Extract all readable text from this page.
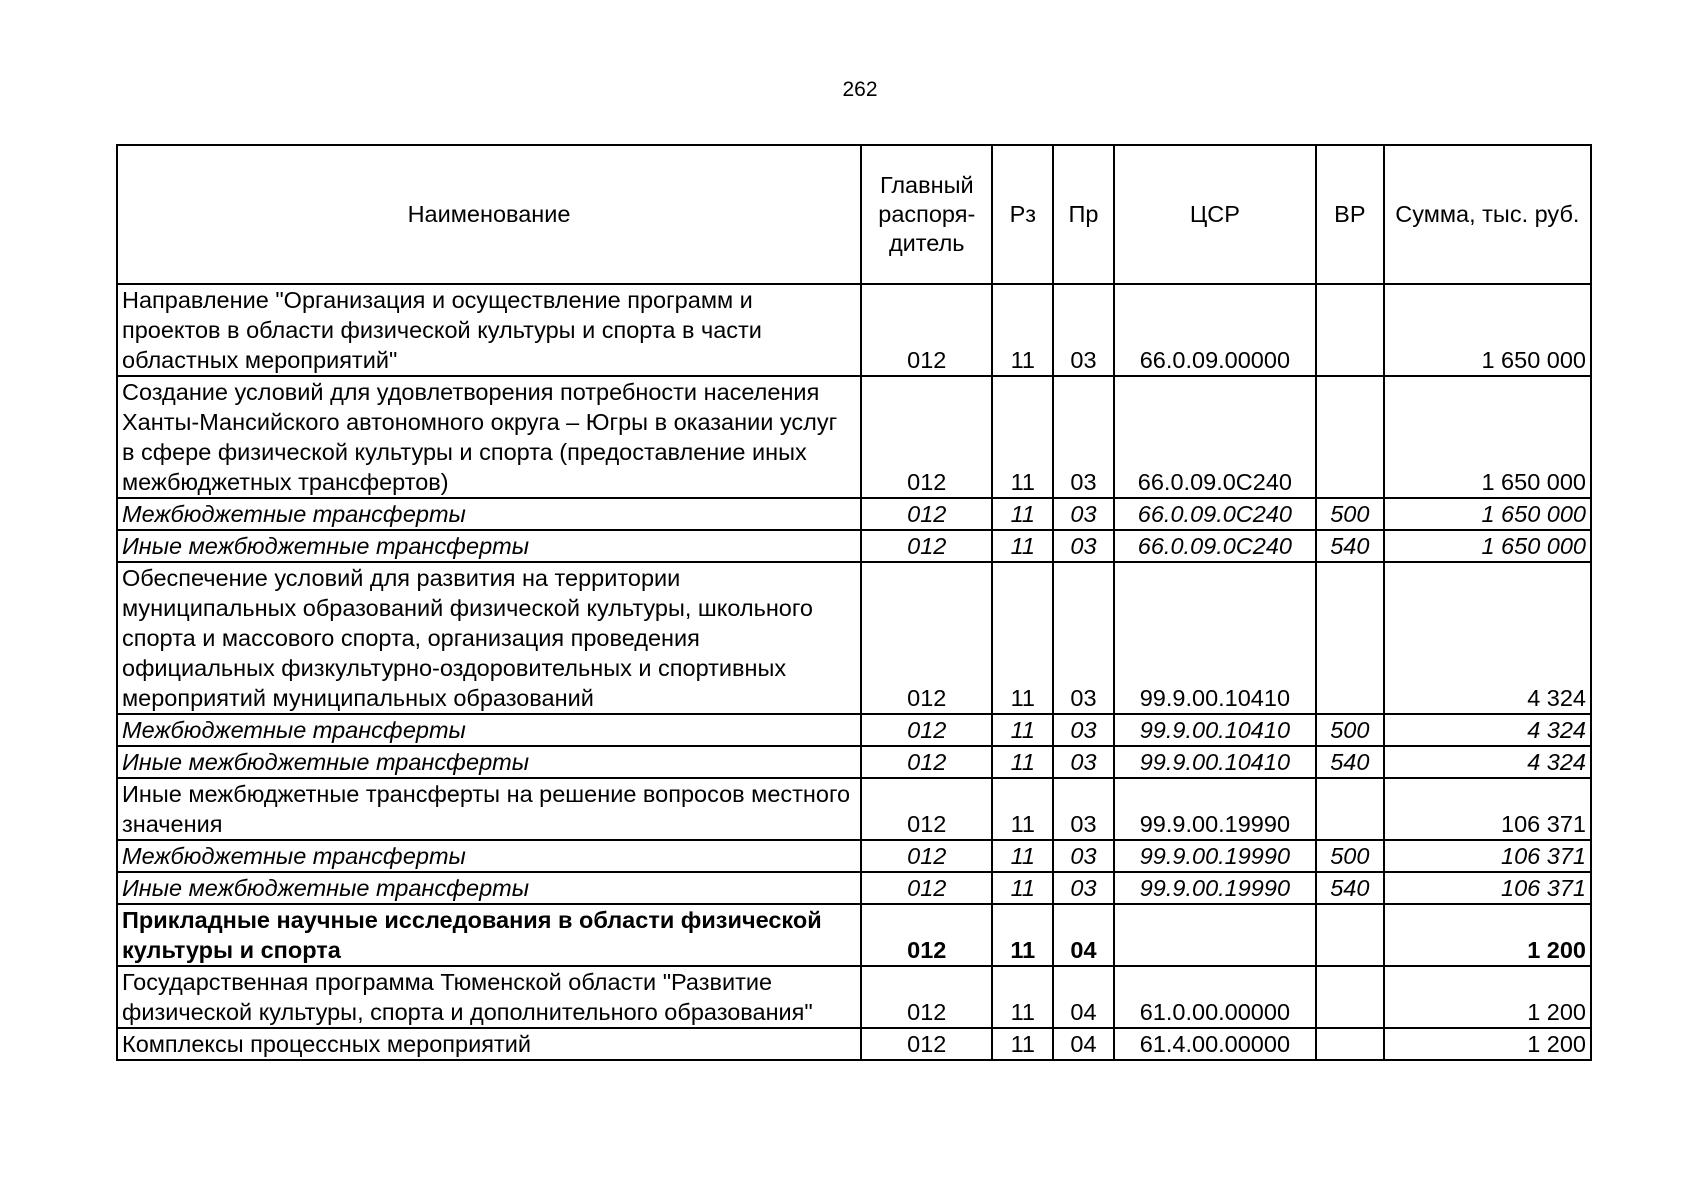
262
Наименование	Главный распоря-дитель	Рз	Пр	ЦСР	ВР	Сумма, тыс. руб.
Направление "Организация и осуществление программ и проектов в области физической культуры и спорта в части областных мероприятий"	012	11	03	66.0.09.00000		1 650 000
Создание условий для удовлетворения потребности населения Ханты-Мансийского автономного округа – Югры в оказании услуг в сфере физической культуры и спорта (предоставление иных межбюджетных трансфертов)	012	11	03	66.0.09.0С240		1 650 000
Межбюджетные трансферты	012	11	03	66.0.09.0С240	500	1 650 000
Иные межбюджетные трансферты	012	11	03	66.0.09.0С240	540	1 650 000
Обеспечение условий для развития на территории муниципальных образований физической культуры, школьного спорта и массового спорта, организация проведения официальных физкультурно-оздоровительных и спортивных мероприятий муниципальных образований	012	11	03	99.9.00.10410		4 324
Межбюджетные трансферты	012	11	03	99.9.00.10410	500	4 324
Иные межбюджетные трансферты	012	11	03	99.9.00.10410	540	4 324
Иные межбюджетные трансферты на решение вопросов местного значения	012	11	03	99.9.00.19990		106 371
Межбюджетные трансферты	012	11	03	99.9.00.19990	500	106 371
Иные межбюджетные трансферты	012	11	03	99.9.00.19990	540	106 371
Прикладные научные исследования в области физической культуры и спорта	012	11	04			1 200
Государственная программа Тюменской области "Развитие физической культуры, спорта и дополнительного образования"	012	11	04	61.0.00.00000		1 200
Комплексы процессных мероприятий	012	11	04	61.4.00.00000		1 200
